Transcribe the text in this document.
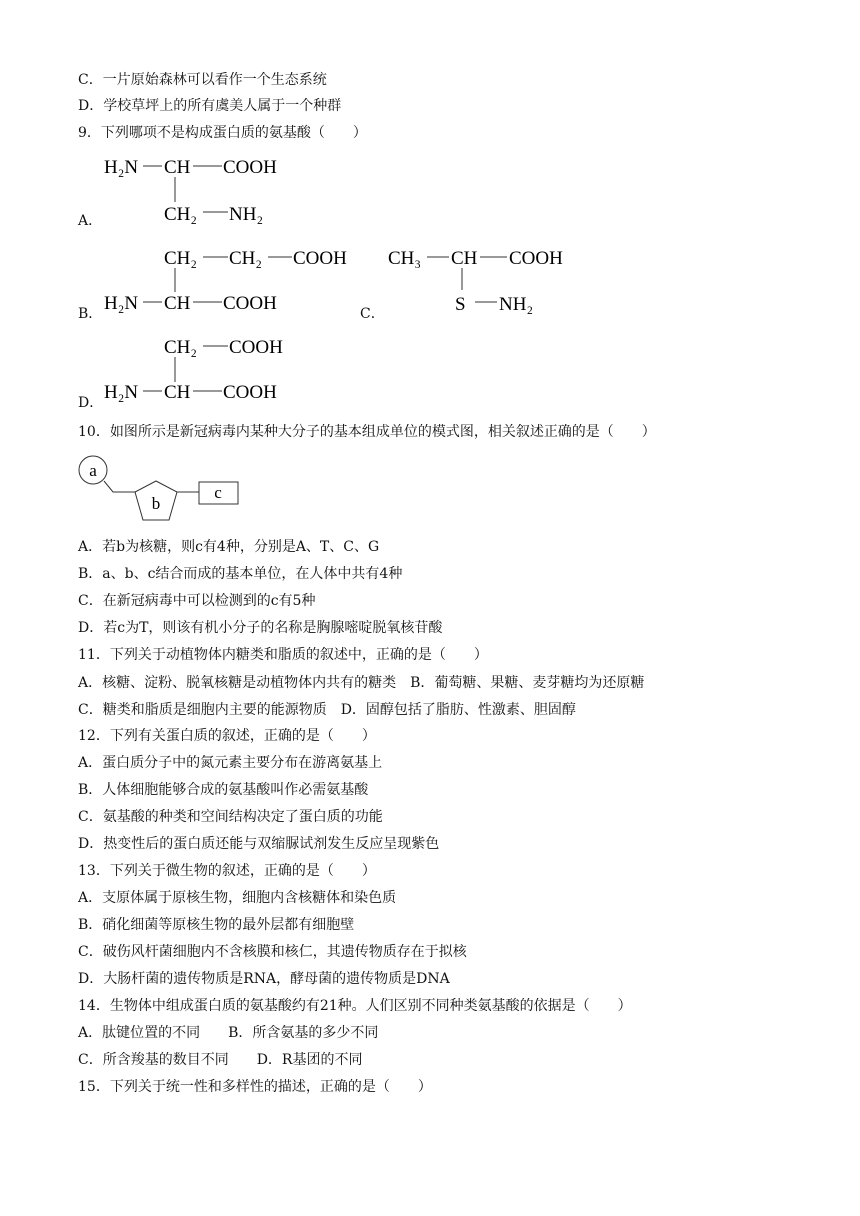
C．一片原始森林可以看作一个生态系统
D．学校草坪上的所有虞美人属于一个种群
9．下列哪项不是构成蛋白质的氨基酸（　　）
A．
H₂N CH COOH
CH₂ NH₂
B．
CH₂ CH₂ COOH
H₂N CH COOH	C．
CH₃ CH COOH
S NH₂
D．
CH₂ COOH
H₂N CH COOH
10．如图所示是新冠病毒内某种大分子的基本组成单位的模式图，相关叙述正确的是（　　）
a
b
c
A．若b为核糖，则c有4种，分别是A、T、C、G
B．a、b、c结合而成的基本单位，在人体中共有4种
C．在新冠病毒中可以检测到的c有5种
D．若c为T，则该有机小分子的名称是胸腺嘧啶脱氧核苷酸
11．下列关于动植物体内糖类和脂质的叙述中，正确的是（　　）
A．核糖、淀粉、脱氧核糖是动植物体内共有的糖类　B．葡萄糖、果糖、麦芽糖均为还原糖
C．糖类和脂质是细胞内主要的能源物质　D．固醇包括了脂肪、性激素、胆固醇
12．下列有关蛋白质的叙述，正确的是（　　）
A．蛋白质分子中的氮元素主要分布在游离氨基上
B．人体细胞能够合成的氨基酸叫作必需氨基酸
C．氨基酸的种类和空间结构决定了蛋白质的功能
D．热变性后的蛋白质还能与双缩脲试剂发生反应呈现紫色
13．下列关于微生物的叙述，正确的是（　　）
A．支原体属于原核生物，细胞内含核糖体和染色质
B．硝化细菌等原核生物的最外层都有细胞壁
C．破伤风杆菌细胞内不含核膜和核仁，其遗传物质存在于拟核
D．大肠杆菌的遗传物质是RNA，酵母菌的遗传物质是DNA
14．生物体中组成蛋白质的氨基酸约有21种。人们区别不同种类氨基酸的依据是（　　）
A．肽键位置的不同　　B．所含氨基的多少不同
C．所含羧基的数目不同　　D．R基团的不同
15．下列关于统一性和多样性的描述，正确的是（　　）
